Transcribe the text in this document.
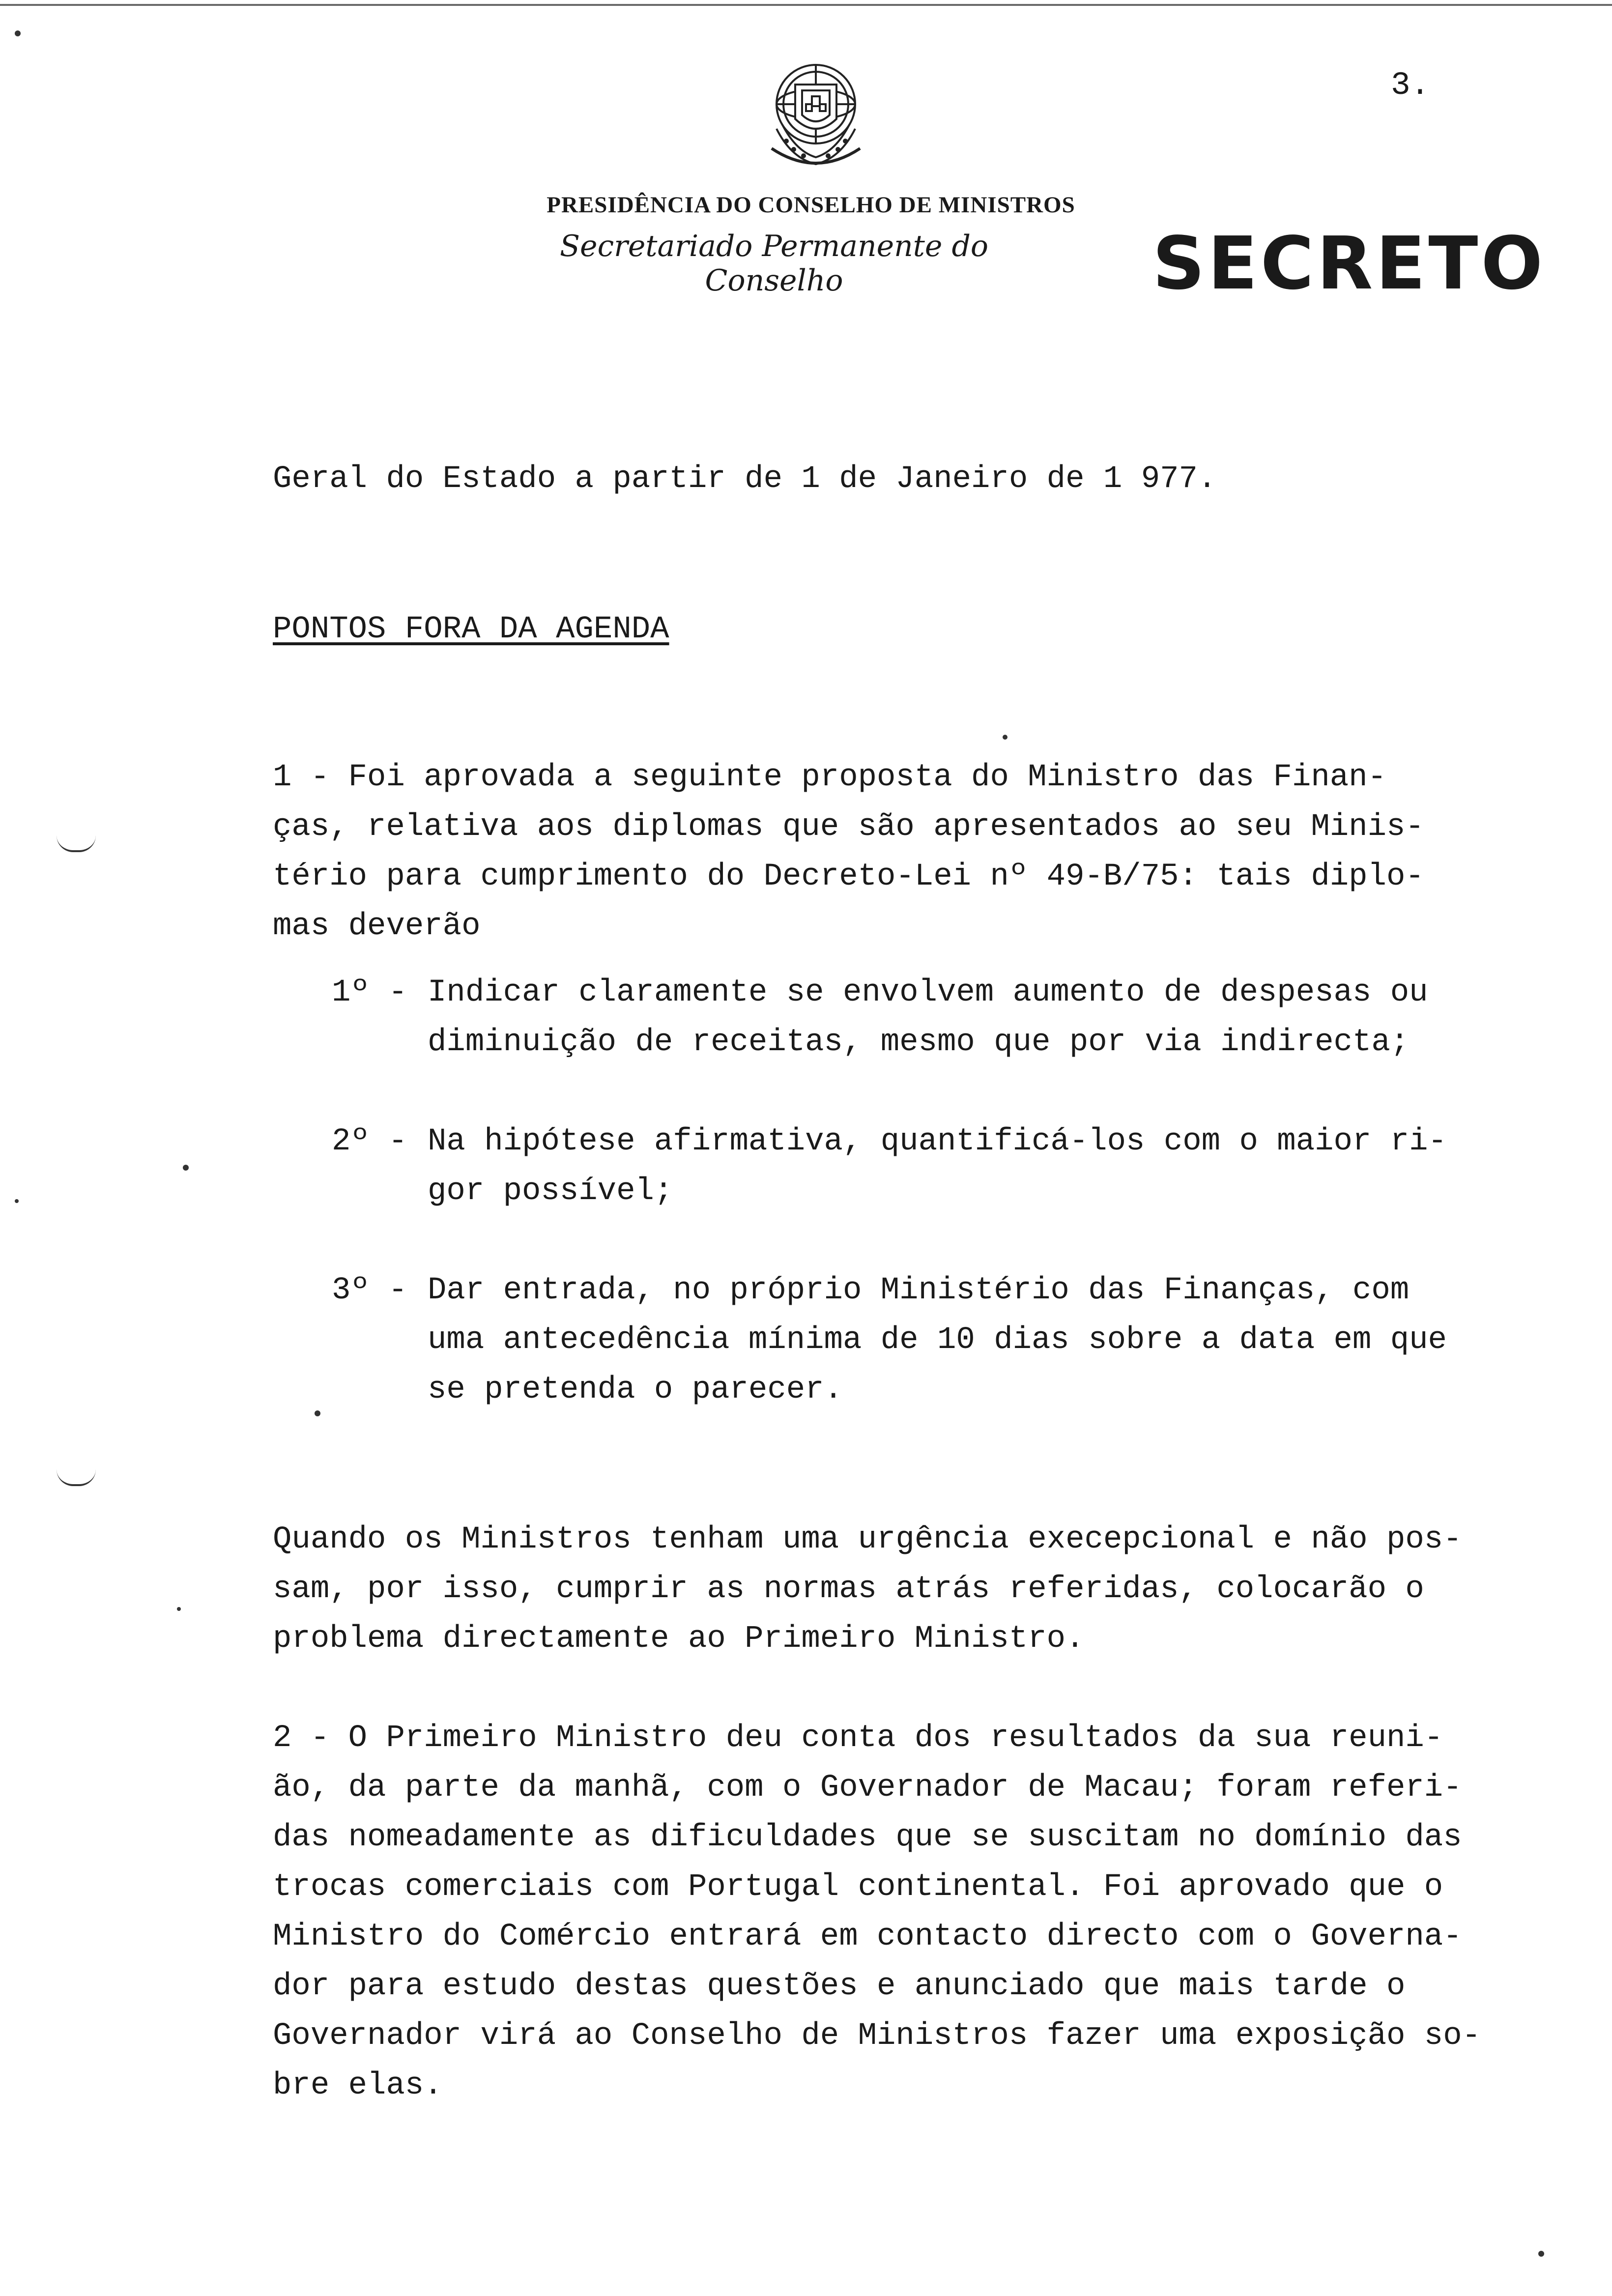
3.
PRESIDÊNCIA DO CONSELHO DE MINISTROS
Secretariado Permanente do Conselho	SECRETO
Geral do Estado a partir de 1 de Janeiro de 1 977.
PONTOS FORA DA AGENDA
1 - Foi aprovada a seguinte proposta do Ministro das Finan-
ças, relativa aos diplomas que são apresentados ao seu Minis-
tério para cumprimento do Decreto-Lei nº 49-B/75: tais diplo-
mas deverão
1º - Indicar claramente se envolvem aumento de despesas ou
diminuição de receitas, mesmo que por via indirecta;
2º - Na hipótese afirmativa, quantificá-los com o maior ri-
gor possível;
3º - Dar entrada, no próprio Ministério das Finanças, com
uma antecedência mínima de 10 dias sobre a data em que
se pretenda o parecer.
Quando os Ministros tenham uma urgência execepcional e não pos-
sam, por isso, cumprir as normas atrás referidas, colocarão o
problema directamente ao Primeiro Ministro.
2 - O Primeiro Ministro deu conta dos resultados da sua reuni-
ão, da parte da manhã, com o Governador de Macau; foram referi-
das nomeadamente as dificuldades que se suscitam no domínio das
trocas comerciais com Portugal continental. Foi aprovado que o
Ministro do Comércio entrará em contacto directo com o Governa-
dor para estudo destas questões e anunciado que mais tarde o
Governador virá ao Conselho de Ministros fazer uma exposição so-
bre elas.
